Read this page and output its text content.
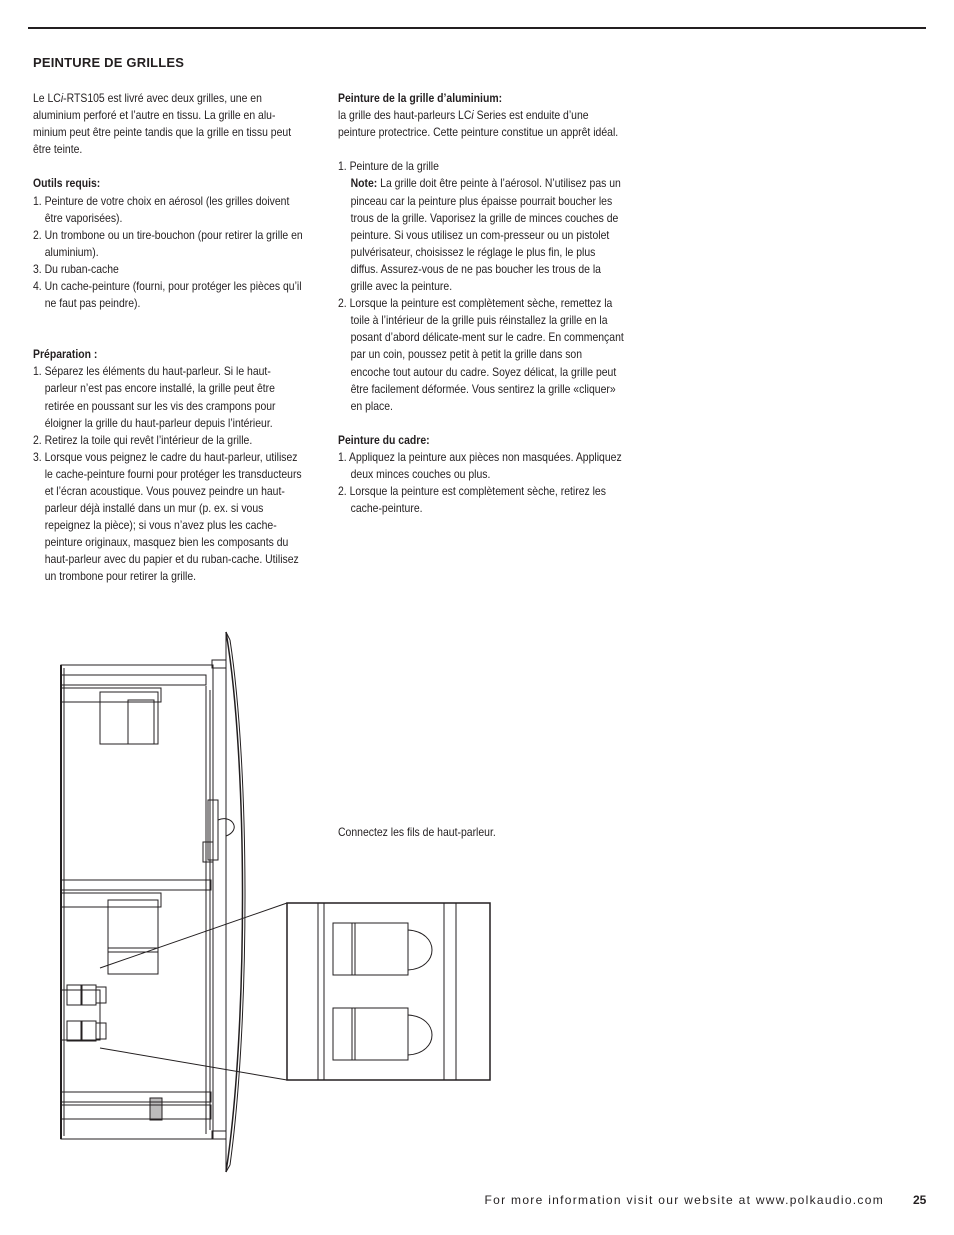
PEINTURE DE GRILLES

Le LCi-RTS105 est livré avec deux grilles, une en aluminium perforé et l’autre en tissu. La grille en alu-minium peut être peinte tandis que la grille en tissu peut être teinte.

Outils requis:

1. Peinture de votre choix en aérosol (les grilles doivent être vaporisées).

2. Un trombone ou un tire-bouchon (pour retirer la grille en aluminium).

3. Du ruban-cache

4. Un cache-peinture (fourni, pour protéger les pièces qu’il ne faut pas peindre).

Préparation :

1. Séparez les éléments du haut-parleur. Si le haut-parleur n’est pas encore installé, la grille peut être retirée en poussant sur les vis des crampons pour éloigner la grille du haut-parleur depuis l’intérieur.

2. Retirez la toile qui revêt l’intérieur de la grille.

3. Lorsque vous peignez le cadre du haut-parleur, utilisez le cache-peinture fourni pour protéger les transducteurs et l’écran acoustique. Vous pouvez peindre un haut-parleur déjà installé dans un mur (p. ex. si vous repeignez la pièce); si vous n’avez plus les cache-peinture originaux, masquez bien les composants du haut-parleur avec du papier et du ruban-cache. Utilisez un trombone pour retirer la grille.

Peinture de la grille d’aluminium:

la grille des haut-parleurs LCi Series est enduite d’une peinture protectrice. Cette peinture constitue un apprêt idéal.

1. Peinture de la grille

Note: La grille doit être peinte à l’aérosol. N’utilisez pas un pinceau car la peinture plus épaisse pourrait boucher les trous de la grille. Vaporisez la grille de minces couches de peinture. Si vous utilisez un com-presseur ou un pistolet pulvérisateur, choisissez le réglage le plus fin, le plus diffus. Assurez-vous de ne pas boucher les trous de la grille avec la peinture.

2. Lorsque la peinture est complètement sèche, remettez la toile à l’intérieur de la grille puis réinstallez la grille en la posant d’abord délicate-ment sur le cadre. En commençant par un coin, poussez petit à petit la grille dans son encoche tout autour du cadre. Soyez délicat, la grille peut être facilement déformée. Vous sentirez la grille «cliquer» en place.

Peinture du cadre:

1. Appliquez la peinture aux pièces non masquées. Appliquez deux minces couches ou plus.

2. Lorsque la peinture est complètement sèche, retirez les cache-peinture.

Connectez les fils de haut-parleur.
For more information visit our website at www.polkaudio.com 25
